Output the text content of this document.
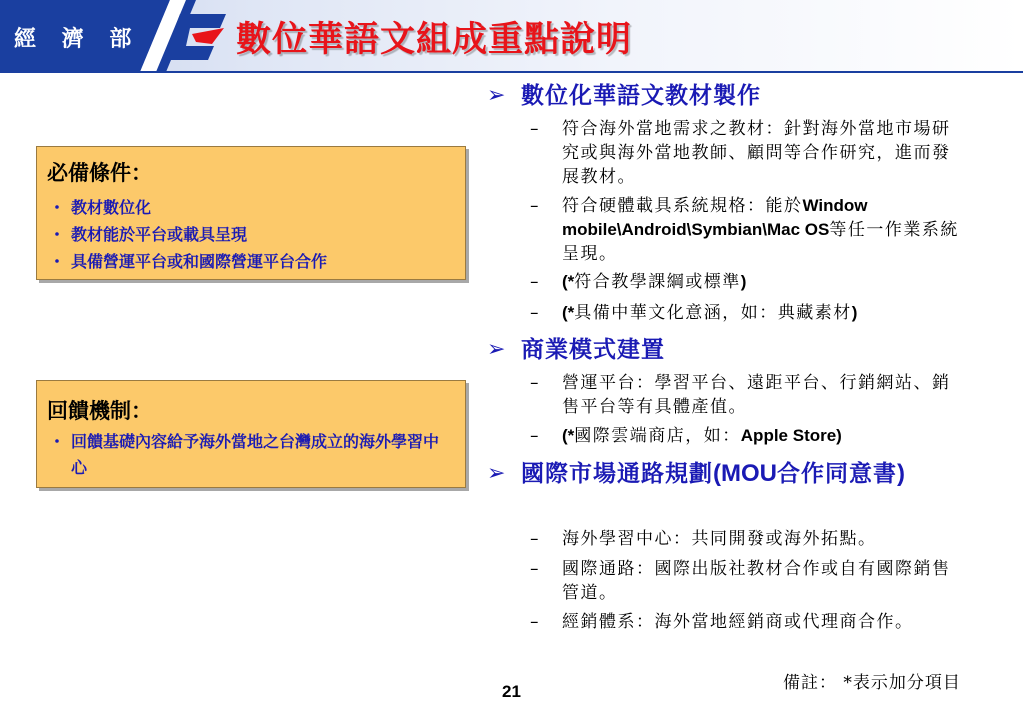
經 濟 部	數位華語文組成重點說明
必備條件：
・ 教材數位化
・ 教材能於平台或載具呈現
・ 具備營運平台或和國際營運平台合作
回饋機制：
・ 回饋基礎內容給予海外當地之台灣成立的海外學習中心
➢ 數位化華語文教材製作
– 符合海外當地需求之教材：針對海外當地市場研究或與海外當地教師、顧問等合作研究，進而發展教材。
– 符合硬體載具系統規格：能於Window mobile\Android\Symbian\Mac OS等任一作業系統呈現。
– (*符合教學課綱或標準)
– (*具備中華文化意涵，如：典藏素材)
➢ 商業模式建置
– 營運平台：學習平台、遠距平台、行銷網站、銷售平台等有具體產值。
– (*國際雲端商店，如：Apple Store)
➢ 國際市場通路規劃(MOU合作同意書)
– 海外學習中心：共同開發或海外拓點。
– 國際通路：國際出版社教材合作或自有國際銷售管道。
– 經銷體系：海外當地經銷商或代理商合作。
備註： *表示加分項目
21
